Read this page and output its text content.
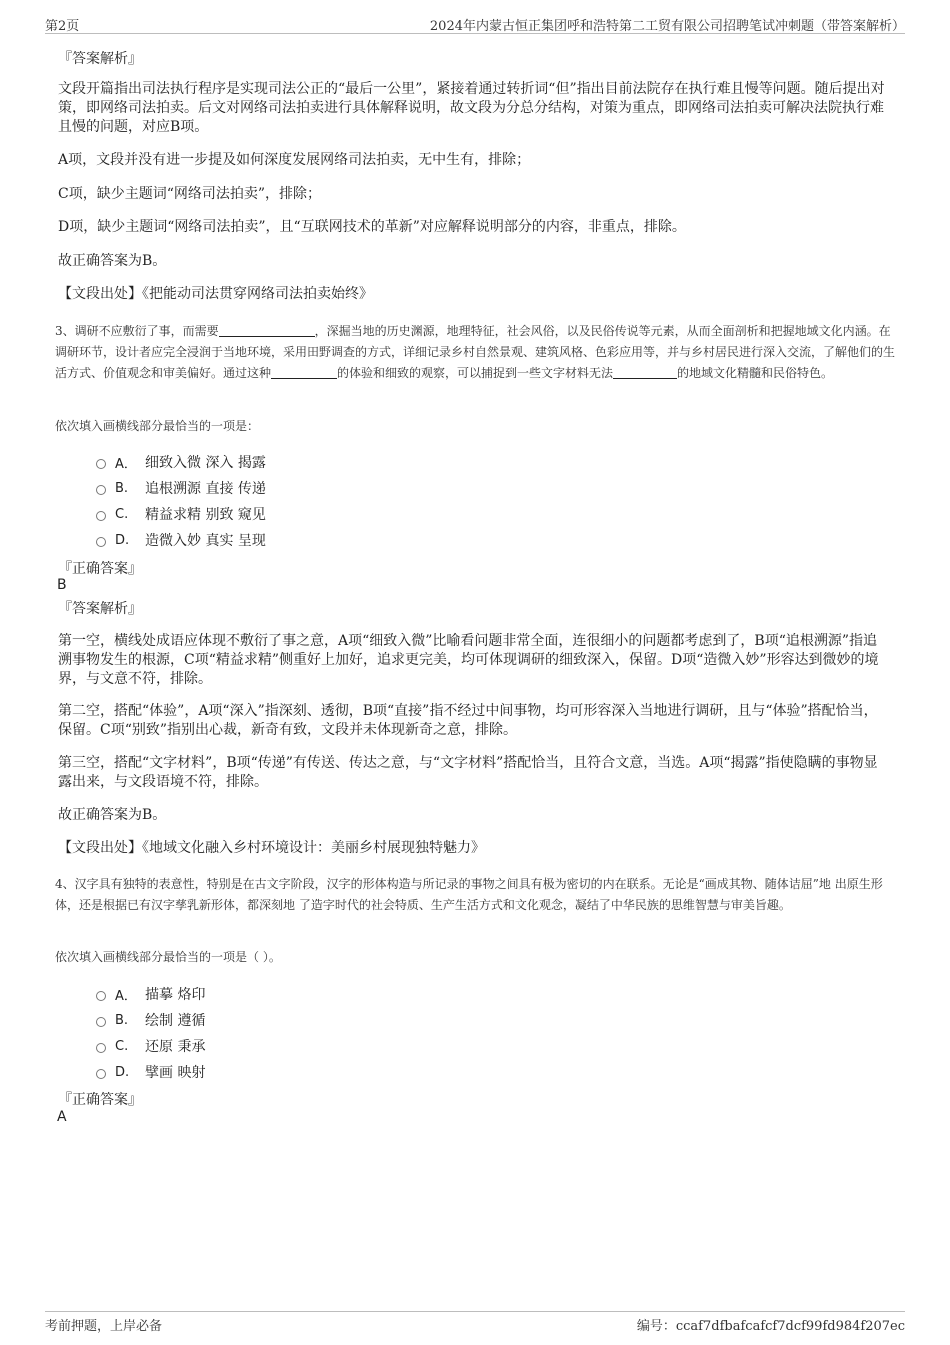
第2页	2024年内蒙古恒正集团呼和浩特第二工贸有限公司招聘笔试冲刺题（带答案解析）
『答案解析』
文段开篇指出司法执行程序是实现司法公正的“最后一公里”，紧接着通过转折词“但”指出目前法院存在执行难且慢等问题。随后提出对策，即网络司法拍卖。后文对网络司法拍卖进行具体解释说明，故文段为分总分结构，对策为重点，即网络司法拍卖可解决法院执行难且慢的问题，对应B项。
A项，文段并没有进一步提及如何深度发展网络司法拍卖，无中生有，排除；
C项，缺少主题词“网络司法拍卖”，排除；
D项，缺少主题词“网络司法拍卖”，且“互联网技术的革新”对应解释说明部分的内容，非重点，排除。
故正确答案为B。
【文段出处】《把能动司法贯穿网络司法拍卖始终》
3、调研不应敷衍了事，而需要	，深掘当地的历史渊源，地理特征，社会风俗，以及民俗传说等元素，从而全面剖析和把握地域文化内涵。在调研环节，设计者应完全浸润于当地环境，采用田野调查的方式，详细记录乡村自然景观、建筑风格、色彩应用等，并与乡村居民进行深入交流，了解他们的生活方式、价值观念和审美偏好。通过这种	的体验和细致的观察，可以捕捉到一些文字材料无法	的地域文化精髓和民俗特色。
依次填入画横线部分最恰当的一项是：
A． 细致入微 深入 揭露
B.	追根溯源 直接 传递
C.	精益求精 别致 窥见
D.	造微入妙 真实 呈现
『正确答案』
B
『答案解析』
第一空，横线处成语应体现不敷衍了事之意，A项“细致入微”比喻看问题非常全面，连很细小的问题都考虑到了，B项“追根溯源”指追溯事物发生的根源，C项“精益求精”侧重好上加好，追求更完美，均可体现调研的细致深入，保留。D项“造微入妙”形容达到微妙的境界，与文意不符，排除。
第二空，搭配“体验”，A项“深入”指深刻、透彻，B项“直接”指不经过中间事物，均可形容深入当地进行调研，且与“体验”搭配恰当，保留。C项“别致”指别出心裁，新奇有致，文段并未体现新奇之意，排除。
第三空，搭配“文字材料”，B项“传递”有传送、传达之意，与“文字材料”搭配恰当，且符合文意，当选。A项“揭露”指使隐瞒的事物显露出来，与文段语境不符，排除。
故正确答案为B。
【文段出处】《地域文化融入乡村环境设计：美丽乡村展现独特魅力》
4、汉字具有独特的表意性，特别是在古文字阶段，汉字的形体构造与所记录的事物之间具有极为密切的内在联系。无论是“画成其物、随体诘屈”地 出原生形体，还是根据已有汉字孳乳新形体，都深刻地 了造字时代的社会特质、生产生活方式和文化观念，凝结了中华民族的思维智慧与审美旨趣。
依次填入画横线部分最恰当的一项是（ ）。
A． 描摹 烙印
B.	绘制 遵循
C.	还原 秉承
D.	擘画 映射
『正确答案』
A
考前押题，上岸必备	编号：ccaf7dfbafcafcf7dcf99fd984f207ec
